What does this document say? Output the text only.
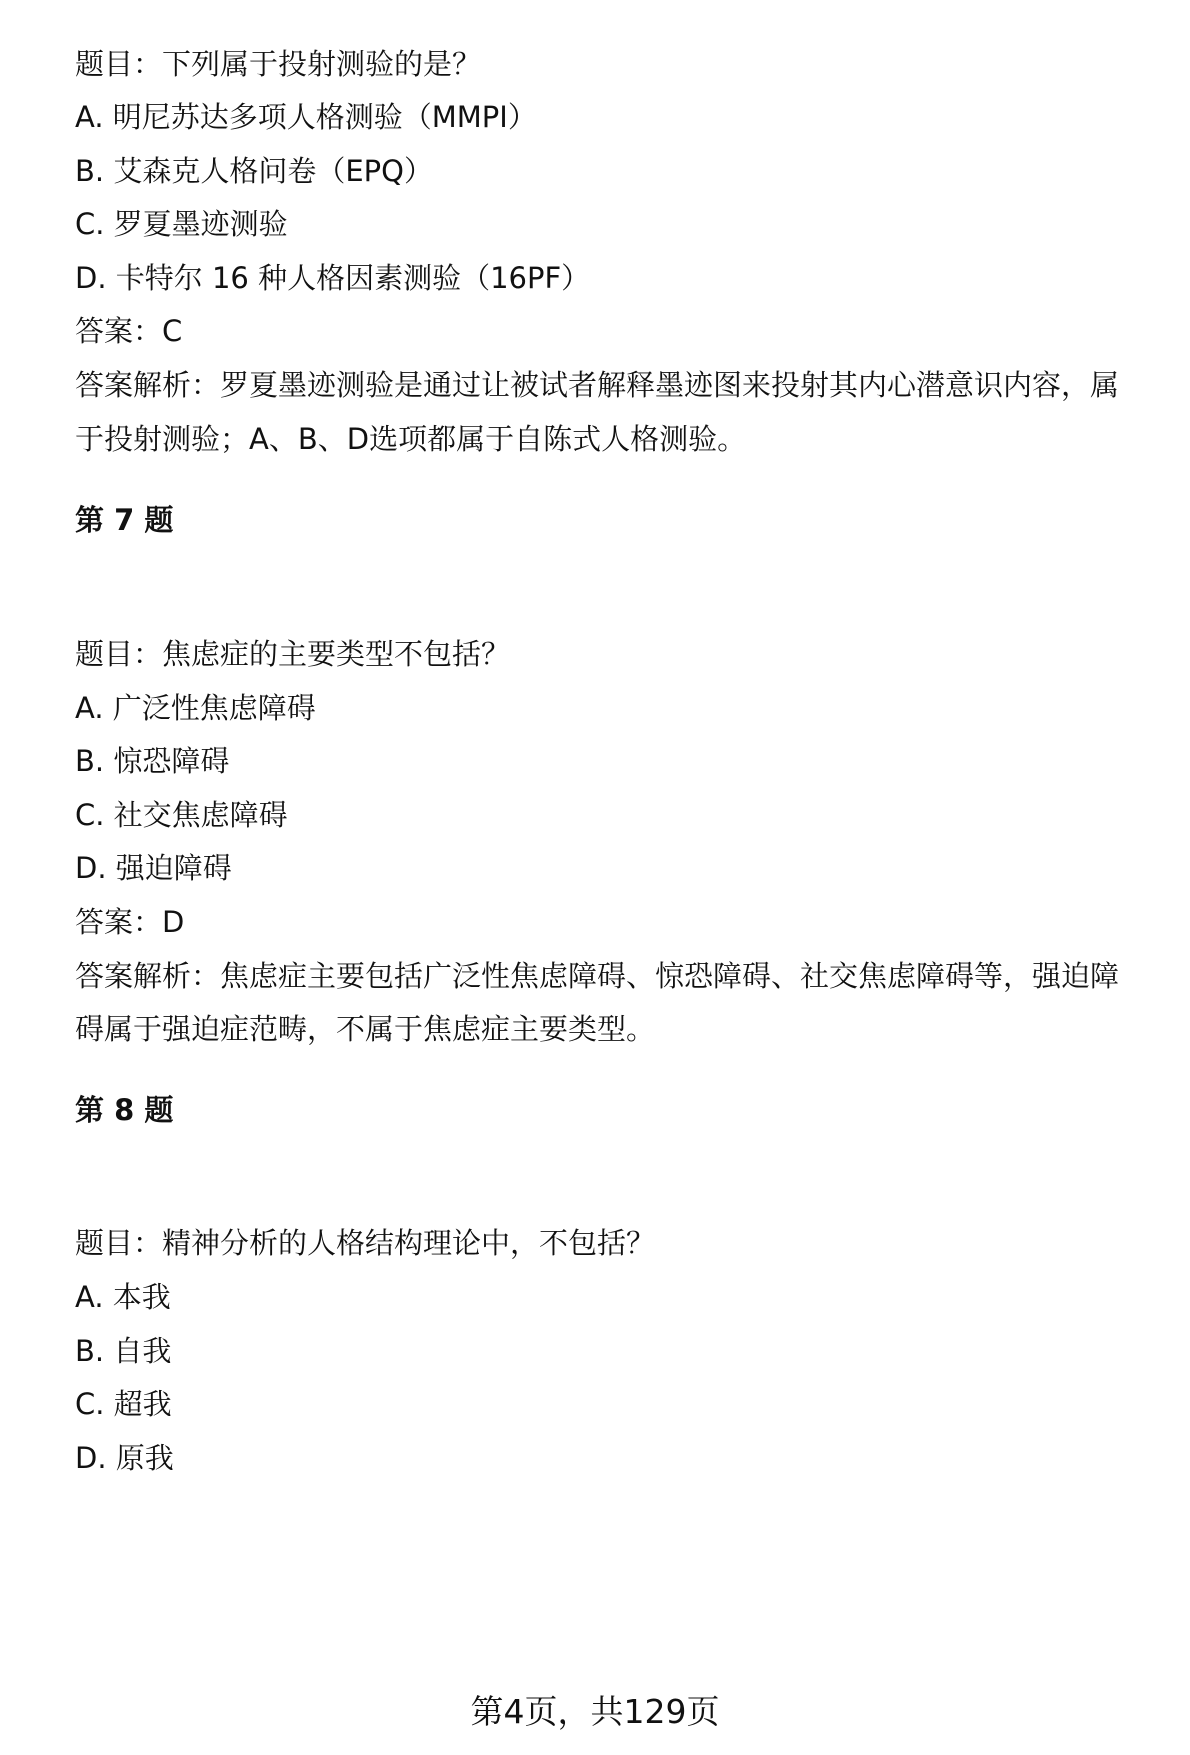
题目：下列属于投射测验的是？
A. 明尼苏达多项人格测验（MMPI）
B. 艾森克人格问卷（EPQ）
C. 罗夏墨迹测验
D. 卡特尔 16 种人格因素测验（16PF）
答案：C
答案解析：罗夏墨迹测验是通过让被试者解释墨迹图来投射其内心潜意识内容，属
于投射测验；A、B、D选项都属于自陈式人格测验。
第 7 题
题目：焦虑症的主要类型不包括？
A. 广泛性焦虑障碍
B. 惊恐障碍
C. 社交焦虑障碍
D. 强迫障碍
答案：D
答案解析：焦虑症主要包括广泛性焦虑障碍、惊恐障碍、社交焦虑障碍等，强迫障
碍属于强迫症范畴，不属于焦虑症主要类型。
第 8 题
题目：精神分析的人格结构理论中，不包括？
A. 本我
B. 自我
C. 超我
D. 原我
第4页，共129页
